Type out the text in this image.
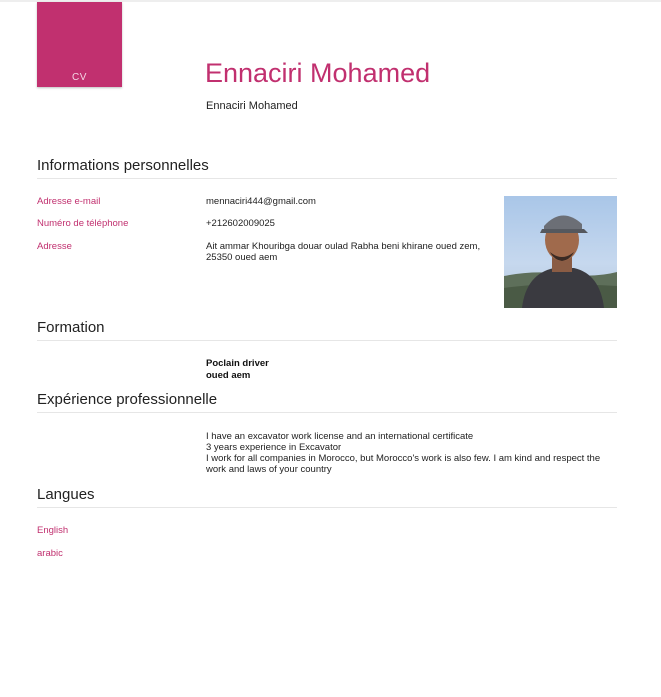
CV	Ennaciri Mohamed
Ennaciri Mohamed
Informations personnelles
Adresse e-mail	mennaciri444@gmail.com
Numéro de téléphone	+212602009025
Adresse	Ait ammar Khouribga douar oulad Rabha beni khirane oued zem, 25350 oued aem
Formation
Poclain driver
oued aem
Expérience professionnelle
I have an excavator work license and an international certificate
3 years experience in Excavator
I work for all companies in Morocco, but Morocco's work is also few. I am kind and respect the work and laws of your country
Langues
English
arabic
